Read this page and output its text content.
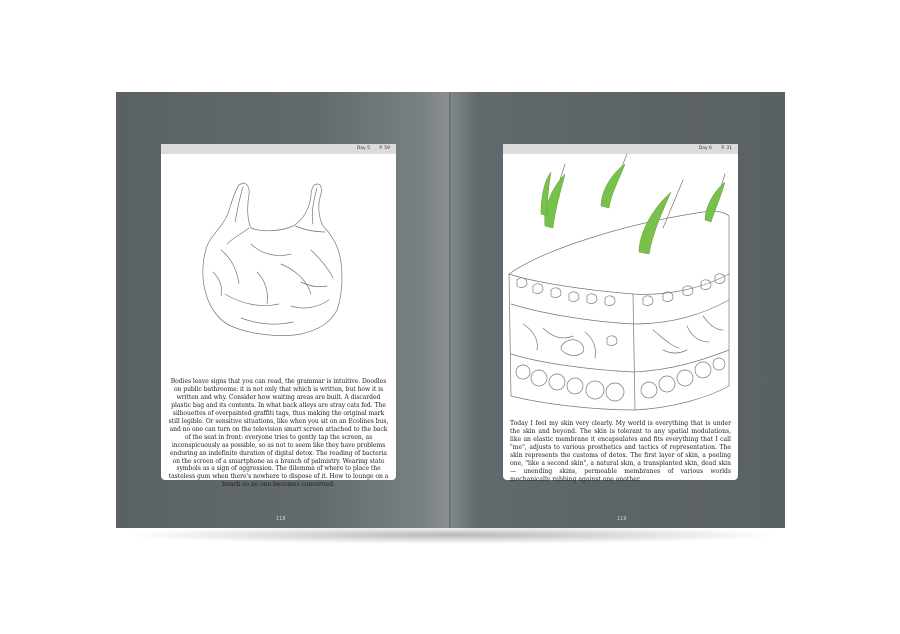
Day 5 P. 59
Bodies leave signs that you can read, the grammar is intuitive. Doodles on public bathrooms: it is not only that which is written, but how it is written and why. Consider how waiting areas are built. A discarded plastic bag and its contents. In what back alleys are stray cats fed. The silhouettes of overpainted graffiti tags, thus making the original mark still legible. Or sensitive situations, like when you sit on an Ecolines bus, and no one can turn on the television smart screen attached to the back of the seat in front: everyone tries to gently tap the screen, as inconspicuously as possible, so as not to seem like they have problems enduring an indefinite duration of digital detox. The reading of bacteria on the screen of a smartphone as a branch of palmistry. Wearing state symbols as a sign of aggression. The dilemma of where to place the tasteless gum when there's nowhere to dispose of it. How to lounge on a bench so no one becomes concerned.
118
Day 6 P. 31
Today I feel my skin very clearly. My world is everything that is under the skin and beyond. The skin is tolerant to any spatial modulations, like an elastic membrane it encapsulates and fits everything that I call "me", adjusts to various prosthetics and tactics of representation. The skin represents the customs of detox. The first layer of skin, a peeling one, "like a second skin", a natural skin, a transplanted skin, dead skin — unending skins, permeable membranes of various worlds mechanically rubbing against one another.
119
